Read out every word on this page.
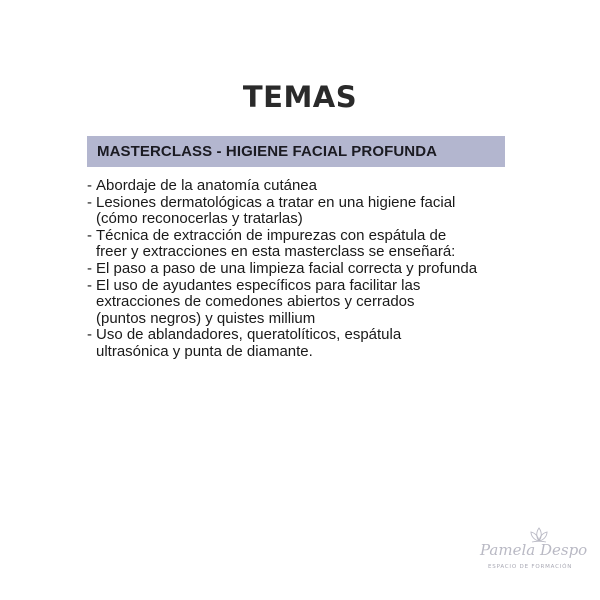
TEMAS
MASTERCLASS - HIGIENE FACIAL PROFUNDA
- Abordaje de la anatomía cutánea
- Lesiones dermatológicas a tratar en una higiene facial
(cómo reconocerlas y tratarlas)
- Técnica de extracción de impurezas con espátula de
freer y extracciones en esta masterclass se enseñará:
- El paso a paso de una limpieza facial correcta y profunda
- El uso de ayudantes específicos para facilitar las
extracciones de comedones abiertos y cerrados
(puntos negros) y quistes millium
- Uso de ablandadores, queratolíticos, espátula
ultrasónica y punta de diamante.
Pamela Despo
ESPACIO DE FORMACIÓN
